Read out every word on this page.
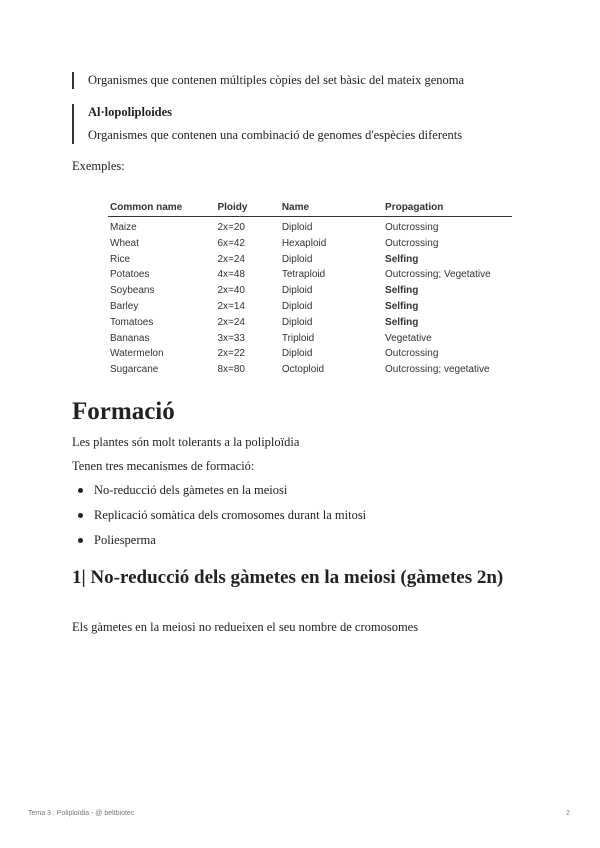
Organismes que contenen múltiples còpies del set bàsic del mateix genoma

Al·lopoliploides

Organismes que contenen una combinació de genomes d'espècies diferents

Exemples:

Common name	Ploidy	Name	Propagation
Maize	2x=20	Diploid	Outcrossing
Wheat	6x=42	Hexaploid	Outcrossing
Rice	2x=24	Diploid	Selfing
Potatoes	4x=48	Tetraploid	Outcrossing; Vegetative
Soybeans	2x=40	Diploid	Selfing
Barley	2x=14	Diploid	Selfing
Tomatoes	2x=24	Diploid	Selfing
Bananas	3x=33	Triploid	Vegetative
Watermelon	2x=22	Diploid	Outcrossing
Sugarcane	8x=80	Octoploid	Outcrossing; vegetative
Formació

Les plantes són molt tolerants a la poliploïdia

Tenen tres mecanismes de formació:

No-reducció dels gàmetes en la meiosi
Replicació somàtica dels cromosomes durant la mitosi
Poliesperma
1| No-reducció dels gàmetes en la meiosi (gàmetes 2n)

Els gàmetes en la meiosi no redueixen el seu nombre de cromosomes

Tema 3 : Poliploïdia - @ beltbiotec	2
